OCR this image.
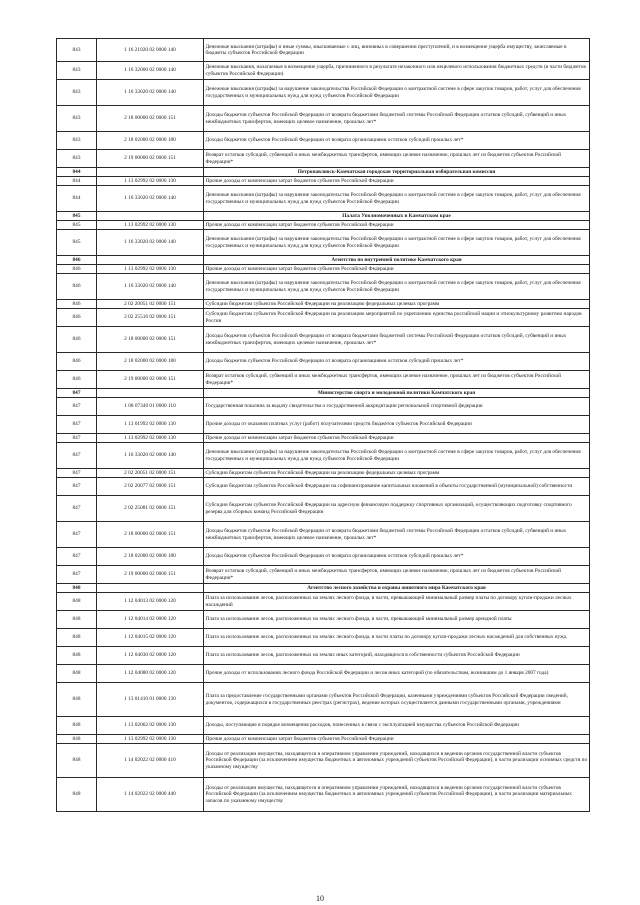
843	1 16 21020 02 0000 140	Денежные взыскания (штрафы) и иные суммы, взыскиваемые с лиц, виновных в совершении преступлений, и в возмещение ущерба имуществу, зачисляемые в бюджеты субъектов Российской Федерации
843	1 16 32000 02 0000 140	Денежные взыскания, налагаемые в возмещение ущерба, причиненного в результате незаконного или нецелевого использования бюджетных средств (в части бюджетов субъектов Российской Федерации)
843	1 16 33020 02 0000 140	Денежные взыскания (штрафы) за нарушение законодательства Российской Федерации о контрактной системе в сфере закупок товаров, работ, услуг для обеспечения государственных и муниципальных нужд для нужд субъектов Российской Федерации
843	2 18 00000 02 0000 151	Доходы бюджетов субъектов Российской Федерации от возврата бюджетами бюджетной системы Российской Федерации остатков субсидий, субвенций и иных межбюджетных трансфертов, имеющих целевое назначение, прошлых лет*
843	2 18 02000 02 0000 180	Доходы бюджетов субъектов Российской Федерации от возврата организациями остатков субсидий прошлых лет*
843	2 19 00000 02 0000 151	Возврат остатков субсидий, субвенций и иных межбюджетных трансфертов, имеющих целевое назначение, прошлых лет из бюджетов субъектов Российской Федерации*
844		Петропавловск-Камчатская городская территориальная избирательная комиссия
844	1 13 02992 02 0000 130	Прочие доходы от компенсации затрат бюджетов субъектов Российской Федерации
844	1 16 33020 02 0000 140	Денежные взыскания (штрафы) за нарушение законодательства Российской Федерации о контрактной системе в сфере закупок товаров, работ, услуг для обеспечения государственных и муниципальных нужд для нужд субъектов Российской Федерации
845		Палата Уполномоченных в Камчатском крае
845	1 13 02992 02 0000 130	Прочие доходы от компенсации затрат бюджетов субъектов Российской Федерации
845	1 16 33020 02 0000 140	Денежные взыскания (штрафы) за нарушение законодательства Российской Федерации о контрактной системе в сфере закупок товаров, работ, услуг для обеспечения государственных и муниципальных нужд для нужд субъектов Российской Федерации
846		Агентство по внутренней политике Камчатского края
846	1 13 02992 02 0000 130	Прочие доходы от компенсации затрат бюджетов субъектов Российской Федерации
846	1 16 33020 02 0000 140	Денежные взыскания (штрафы) за нарушение законодательства Российской Федерации о контрактной системе в сфере закупок товаров, работ, услуг для обеспечения государственных и муниципальных нужд для нужд субъектов Российской Федерации
846	2 02 20051 02 0000 151	Субсидии бюджетам субъектов Российской Федерации на реализацию федеральных целевых программ
846	2 02 25516 02 0000 151	Субсидии бюджетам субъектов Российской Федерации на реализацию мероприятий по укреплению единства российской нации и этнокультурному развитию народов России
846	2 18 00000 02 0000 151	Доходы бюджетов субъектов Российской Федерации от возврата бюджетами бюджетной системы Российской Федерации остатков субсидий, субвенций и иных межбюджетных трансфертов, имеющих целевое назначение, прошлых лет*
846	2 18 02000 02 0000 180	Доходы бюджетов субъектов Российской Федерации от возврата организациями остатков субсидий прошлых лет*
846	2 19 00000 02 0000 151	Возврат остатков субсидий, субвенций и иных межбюджетных трансфертов, имеющих целевое назначение, прошлых лет из бюджетов субъектов Российской Федерации*
847		Министерство спорта и молодежной политики Камчатского края
847	1 08 07340 01 0000 110	Государственная пошлина за выдачу свидетельства о государственной аккредитации региональной спортивной федерации
847	1 13 01992 02 0000 130	Прочие доходы от оказания платных услуг (работ) получателями средств бюджетов субъектов Российской Федерации
847	1 13 02992 02 0000 130	Прочие доходы от компенсации затрат бюджетов субъектов Российской Федерации
847	1 16 33020 02 0000 140	Денежные взыскания (штрафы) за нарушение законодательства Российской Федерации о контрактной системе в сфере закупок товаров, работ, услуг для обеспечения государственных и муниципальных нужд для нужд субъектов Российской Федерации
847	2 02 20051 02 0000 151	Субсидии бюджетам субъектов Российской Федерации на реализацию федеральных целевых программ
847	2 02 20077 02 0000 151	Субсидии бюджетам субъектов Российской Федерации на софинансирование капитальных вложений в объекты государственной (муниципальной) собственности
847	2 02 25081 02 0000 151	Субсидии бюджетам субъектов Российской Федерации на адресную финансовую поддержку спортивных организаций, осуществляющих подготовку спортивного резерва для сборных команд Российской Федерации
847	2 18 00000 02 0000 151	Доходы бюджетов субъектов Российской Федерации от возврата бюджетами бюджетной системы Российской Федерации остатков субсидий, субвенций и иных межбюджетных трансфертов, имеющих целевое назначение, прошлых лет*
847	2 18 02000 02 0000 180	Доходы бюджетов субъектов Российской Федерации от возврата организациями остатков субсидий прошлых лет*
847	2 19 00000 02 0000 151	Возврат остатков субсидий, субвенций и иных межбюджетных трансфертов, имеющих целевое назначение, прошлых лет из бюджетов субъектов Российской Федерации*
848		Агентство лесного хозяйства и охраны животного мира Камчатского края
848	1 12 04013 02 0000 120	Плата за использование лесов, расположенных на землях лесного фонда, в части, превышающей минимальный размер платы по договору купли-продажи лесных насаждений
848	1 12 04014 02 0000 120	Плата за использование лесов, расположенных на землях лесного фонда, в части, превышающей минимальный размер арендной платы
848	1 12 04015 02 0000 120	Плата за использование лесов, расположенных на землях лесного фонда, в части платы по договору купли-продажи лесных насаждений для собственных нужд
848	1 12 04030 02 0000 120	Плата за использование лесов, расположенных на землях иных категорий, находящихся в собственности субъектов Российской Федерации
848	1 12 04080 02 0000 120	Прочие доходы от использования лесного фонда Российской Федерации и лесов иных категорий (по обязательствам, возникшим до 1 января 2007 года)
848	1 13 01410 01 0000 130	Плата за предоставление государственными органами субъектов Российской Федерации, казенными учреждениями субъектов Российской Федерации сведений, документов, содержащихся в государственных реестрах (регистрах), ведение которых осуществляется данными государственными органами, учреждениями
848	1 13 02062 02 0000 130	Доходы, поступающие в порядке возмещения расходов, понесенных в связи с эксплуатацией имущества субъектов Российской Федерации
848	1 13 02992 02 0000 130	Прочие доходы от компенсации затрат бюджетов субъектов Российской Федерации
848	1 14 02022 02 0000 410	Доходы от реализации имущества, находящегося в оперативном управлении учреждений, находящихся в ведении органов государственной власти субъектов Российской Федерации (за исключением имущества бюджетных и автономных учреждений субъектов Российской Федерации), в части реализации основных средств по указанному имуществу
848	1 14 02022 02 0000 440	Доходы от реализации имущества, находящегося в оперативном управлении учреждений, находящихся в ведении органов государственной власти субъектов Российской Федерации (за исключением имущества бюджетных и автономных учреждений субъектов Российской Федерации), в части реализации материальных запасов по указанному имуществу
10
